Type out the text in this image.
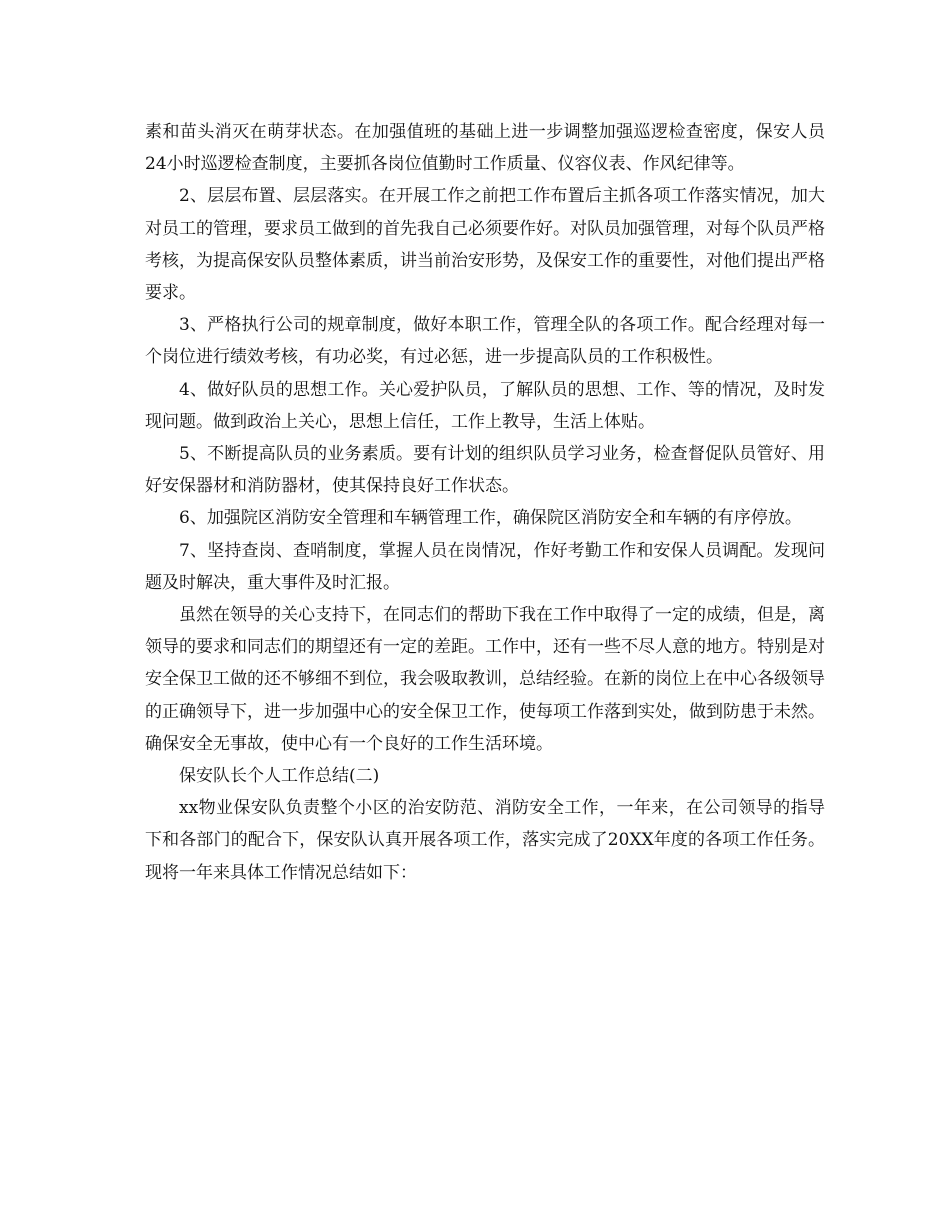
素和苗头消灭在萌芽状态。在加强值班的基础上进一步调整加强巡逻检查密度，保安人员24小时巡逻检查制度，主要抓各岗位值勤时工作质量、仪容仪表、作风纪律等。

2、层层布置、层层落实。在开展工作之前把工作布置后主抓各项工作落实情况，加大对员工的管理，要求员工做到的首先我自己必须要作好。对队员加强管理，对每个队员严格考核，为提高保安队员整体素质，讲当前治安形势，及保安工作的重要性，对他们提出严格要求。

3、严格执行公司的规章制度，做好本职工作，管理全队的各项工作。配合经理对每一个岗位进行绩效考核，有功必奖，有过必惩，进一步提高队员的工作积极性。

4、做好队员的思想工作。关心爱护队员，了解队员的思想、工作、等的情况，及时发现问题。做到政治上关心，思想上信任，工作上教导，生活上体贴。

5、不断提高队员的业务素质。要有计划的组织队员学习业务，检查督促队员管好、用好安保器材和消防器材，使其保持良好工作状态。

6、加强院区消防安全管理和车辆管理工作，确保院区消防安全和车辆的有序停放。

7、坚持查岗、查哨制度，掌握人员在岗情况，作好考勤工作和安保人员调配。发现问题及时解决，重大事件及时汇报。

虽然在领导的关心支持下，在同志们的帮助下我在工作中取得了一定的成绩，但是，离领导的要求和同志们的期望还有一定的差距。工作中，还有一些不尽人意的地方。特别是对安全保卫工做的还不够细不到位，我会吸取教训，总结经验。在新的岗位上在中心各级领导的正确领导下，进一步加强中心的安全保卫工作，使每项工作落到实处，做到防患于未然。确保安全无事故，使中心有一个良好的工作生活环境。

保安队长个人工作总结(二)

xx物业保安队负责整个小区的治安防范、消防安全工作，一年来，在公司领导的指导下和各部门的配合下，保安队认真开展各项工作，落实完成了20XX年度的各项工作任务。现将一年来具体工作情况总结如下：
